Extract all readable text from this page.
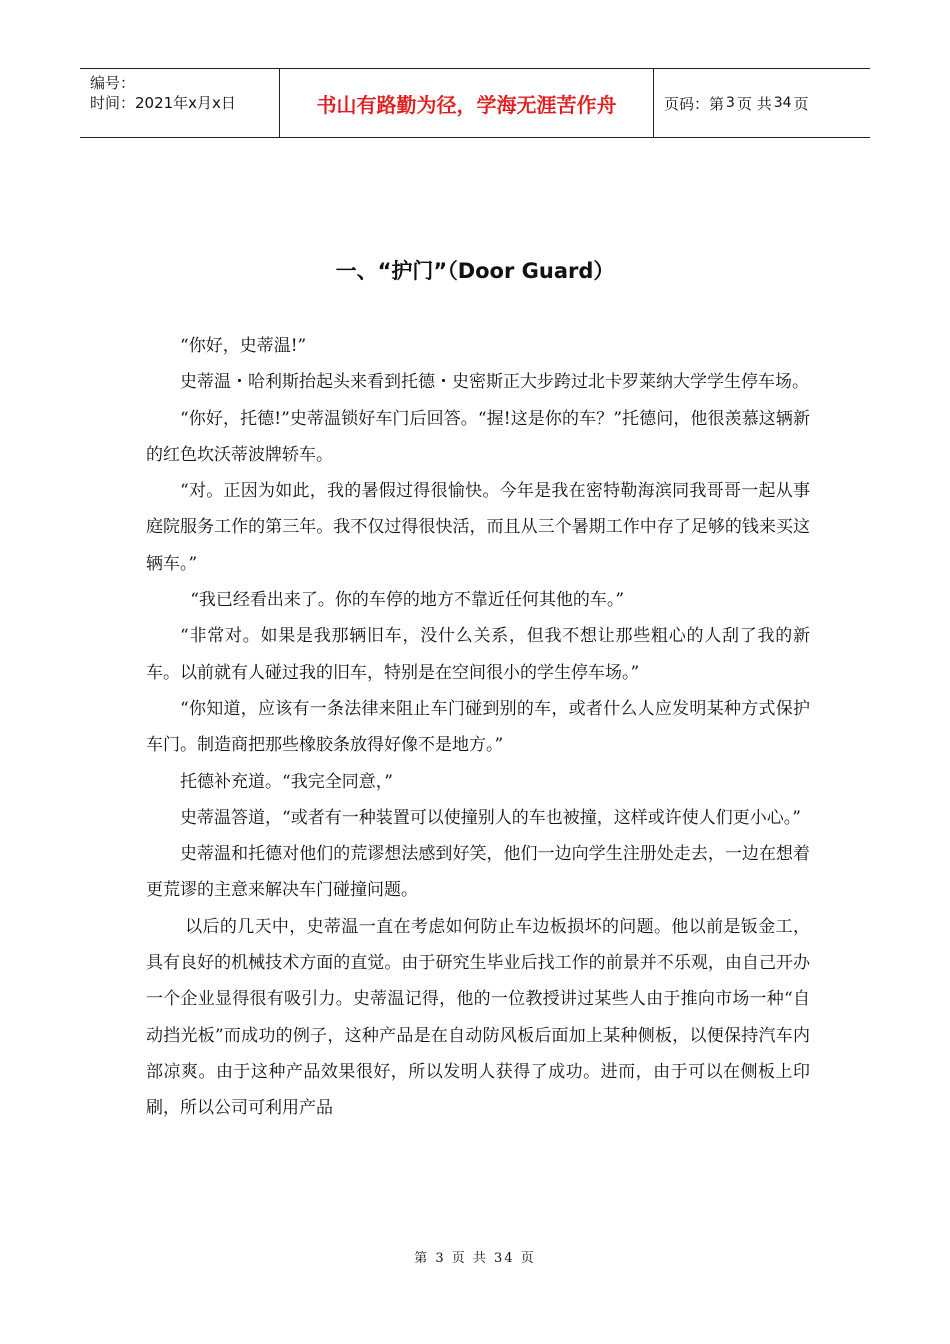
编号：
时间：2021年x月x日	书山有路勤为径，学海无涯苦作舟	页码：第 3 页 共 34 页
一、“护门”（Door Guard）

“你好，史蒂温!”

史蒂温・哈利斯抬起头来看到托德・史密斯正大步跨过北卡罗莱纳大学学生停车场。

“你好，托德!”史蒂温锁好车门后回答。“握!这是你的车？”托德问，他很羡慕这辆新的红色坎沃蒂波牌轿车。

“对。正因为如此，我的暑假过得很愉快。今年是我在密特勒海滨同我哥哥一起从事庭院服务工作的第三年。我不仅过得很快活，而且从三个暑期工作中存了足够的钱来买这辆车。”

“我已经看出来了。你的车停的地方不靠近任何其他的车。”

“非常对。如果是我那辆旧车，没什么关系，但我不想让那些粗心的人刮了我的新车。以前就有人碰过我的旧车，特别是在空间很小的学生停车场。”

“你知道，应该有一条法律来阻止车门碰到别的车，或者什么人应发明某种方式保护车门。制造商把那些橡胶条放得好像不是地方。”

托德补充道。“我完全同意，”

史蒂温答道，“或者有一种装置可以使撞别人的车也被撞，这样或许使人们更小心。”

史蒂温和托德对他们的荒谬想法感到好笑，他们一边向学生注册处走去，一边在想着更荒谬的主意来解决车门碰撞问题。

以后的几天中，史蒂温一直在考虑如何防止车边板损坏的问题。他以前是钣金工，具有良好的机械技术方面的直觉。由于研究生毕业后找工作的前景并不乐观，由自己开办一个企业显得很有吸引力。史蒂温记得，他的一位教授讲过某些人由于推向市场一种“自动挡光板”而成功的例子，这种产品是在自动防风板后面加上某种侧板，以便保持汽车内部凉爽。由于这种产品效果很好，所以发明人获得了成功。进而，由于可以在侧板上印刷，所以公司可利用产品

第 3 页 共 34 页
